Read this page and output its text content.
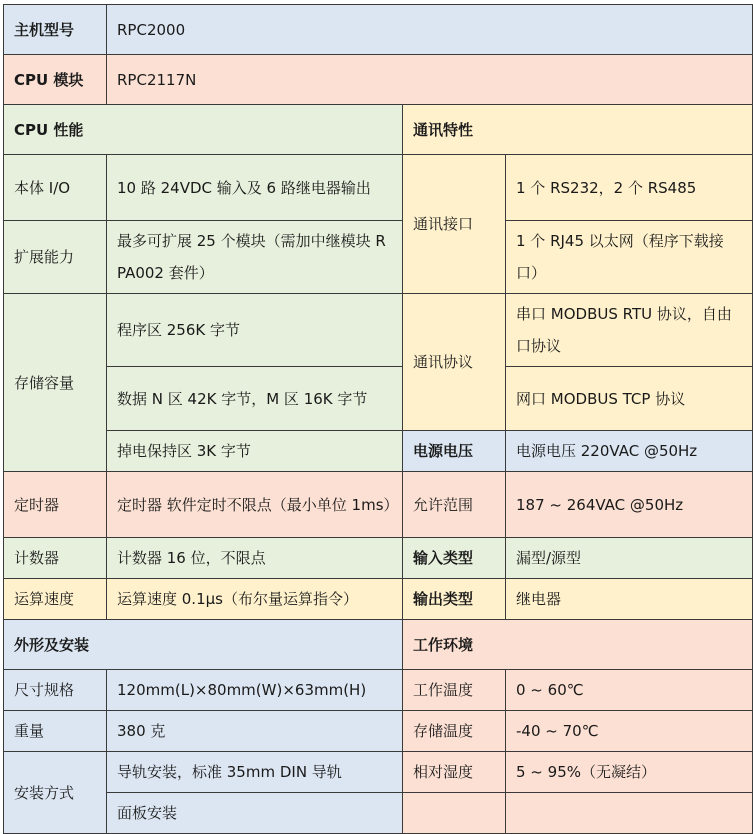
主机型号	RPC2000		
CPU 模块	RPC2117N		
CPU 性能		通讯特性	
本体 I/O	10 路 24VDC 输入及 6 路继电器输出	通讯接口	1 个 RS232，2 个 RS485
扩展能力	最多可扩展 25 个模块（需加中继模块 RPA002 套件）		1 个 RJ45 以太网（程序下载接口）
存储容量	程序区 256K 字节	通讯协议	串口 MODBUS RTU 协议，自由口协议
	数据 N 区 42K 字节，M 区 16K 字节		网口 MODBUS TCP 协议
	掉电保持区 3K 字节	电源电压	电源电压 220VAC @50Hz
定时器	定时器 软件定时不限点（最小单位 1ms）	允许范围	187 ~ 264VAC @50Hz
计数器	计数器 16 位，不限点	输入类型	漏型/源型
运算速度	运算速度 0.1μs（布尔量运算指令）	输出类型	继电器
外形及安装		工作环境	
尺寸规格	120mm(L)×80mm(W)×63mm(H)	工作温度	0 ~ 60℃
重量	380 克	存储温度	-40 ~ 70℃
安装方式	导轨安装，标准 35mm DIN 导轨	相对湿度	5 ~ 95%（无凝结）
	面板安装		
